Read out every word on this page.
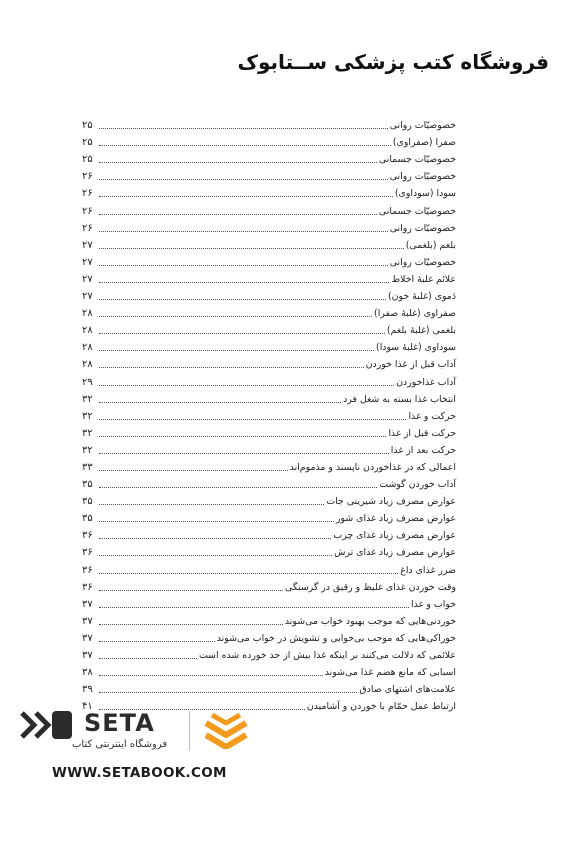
فروشگاه کتب پزشکی ســتابوک
خصوصیّات روانی
۲۵
صفرا (صفراوی)
۲۵
خصوصیّات جسمانی
۲۵
خصوصیّات روانی
۲۶
سودا (سوداوی)
۲۶
خصوصیّات جسمانی
۲۶
خصوصیّات روانی
۲۶
بلغم (بلغمی)
۲۷
خصوصیّات روانی
۲۷
علائم غلبهٔ اخلاط
۲۷
دَموی (غلبهٔ خون)
۲۷
صفراوی (غلبهٔ صفرا)
۲۸
بلغمی (غلبهٔ بلغم)
۲۸
سوداوی (غلبهٔ سودا)
۲۸
آداب قبل از غذا خوردن
۲۸
آداب غذاخوردن
۲۹
انتخاب غذا بسته به شغل فرد
۳۲
حرکت و غذا
۳۲
حرکت قبل از غذا
۳۲
حرکت بعد از غذا
۳۲
اعمالی که در غذاخوردن ناپسند و مذموم‌اند
۳۳
آداب خوردن گوشت
۳۵
عوارض مصرف زیاد شیرینی جات
۳۵
عوارض مصرف زیاد غذای شور
۳۵
عوارض مصرف زیاد غذای چرب
۳۶
عوارض مصرف زیاد غذای ترش
۳۶
ضرر غذای داغ
۳۶
وقت خوردن غذای غلیظ و رقیق در گرسنگی
۳۶
خواب و غذا
۳۷
خوردنی‌هایی که موجب بهبود خواب می‌شوند
۳۷
خوراکی‌هایی که موجب بی‌خوابی و تشویش در خواب می‌شوند
۳۷
علائمی که دلالت می‌کنند بر اینکه غذا بیش از حد خورده شده است
۳۷
اسبابی که مانع هضم غذا می‌شوند
۳۸
علامت‌های اشتهای صادق
۳۹
ارتباط عمل حمّام با خوردن و آشامیدن
۴۱
SETA
فروشگاه اینترنتی کتاب
WWW.SETABOOK.COM
